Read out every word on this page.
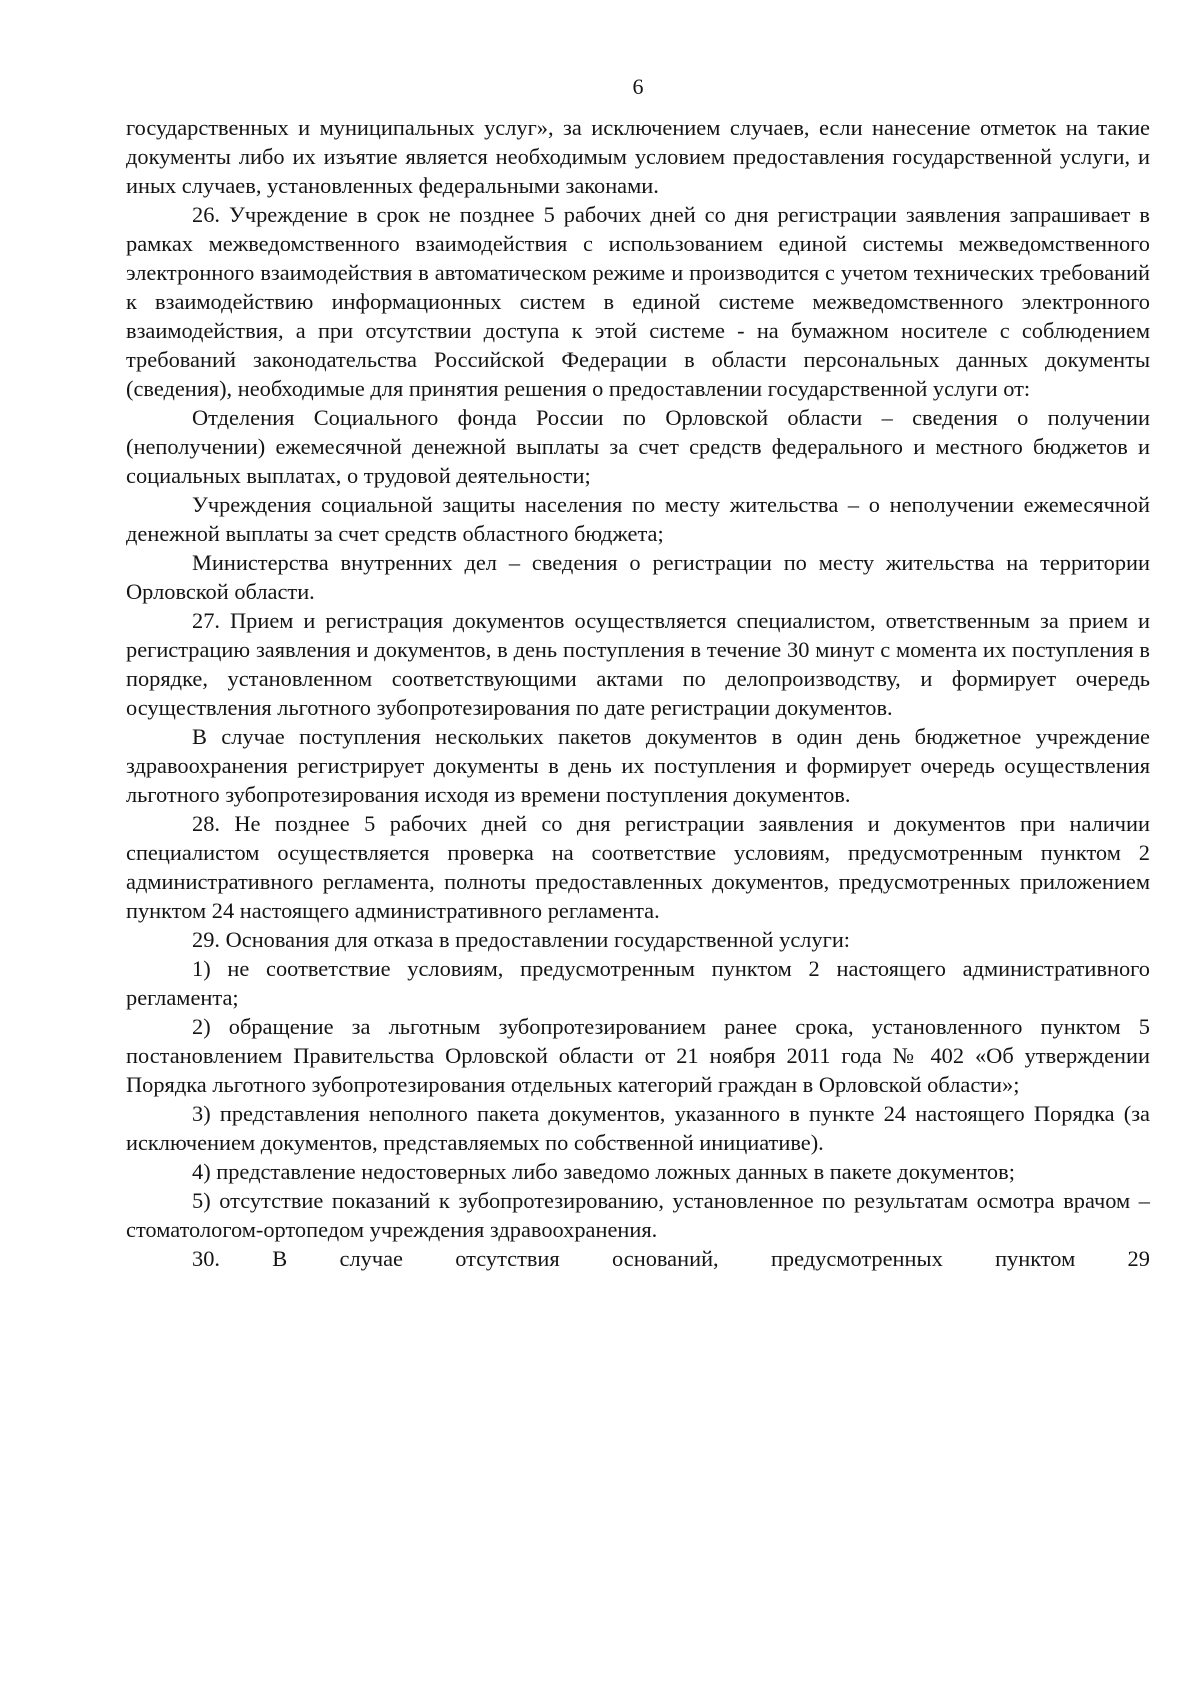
6

государственных и муниципальных услуг», за исключением случаев, если нанесение отметок на такие документы либо их изъятие является необходимым условием предоставления государственной услуги, и иных случаев, установленных федеральными законами.

26. Учреждение в срок не позднее 5 рабочих дней со дня регистрации заявления запрашивает в рамках межведомственного взаимодействия с использованием единой системы межведомственного электронного взаимодействия в автоматическом режиме и производится с учетом технических требований к взаимодействию информационных систем в единой системе межведомственного электронного взаимодействия, а при отсутствии доступа к этой системе - на бумажном носителе с соблюдением требований законодательства Российской Федерации в области персональных данных документы (сведения), необходимые для принятия решения о предоставлении государственной услуги от:

Отделения Социального фонда России по Орловской области – сведения о получении (неполучении) ежемесячной денежной выплаты за счет средств федерального и местного бюджетов и социальных выплатах, о трудовой деятельности;

Учреждения социальной защиты населения по месту жительства – о неполучении ежемесячной денежной выплаты за счет средств областного бюджета;

Министерства внутренних дел – сведения о регистрации по месту жительства на территории Орловской области.

27. Прием и регистрация документов осуществляется специалистом, ответственным за прием и регистрацию заявления и документов, в день поступления в течение 30 минут с момента их поступления в порядке, установленном соответствующими актами по делопроизводству, и формирует очередь осуществления льготного зубопротезирования по дате регистрации документов.

В случае поступления нескольких пакетов документов в один день бюджетное учреждение здравоохранения регистрирует документы в день их поступления и формирует очередь осуществления льготного зубопротезирования исходя из времени поступления документов.

28. Не позднее 5 рабочих дней со дня регистрации заявления и документов при наличии специалистом осуществляется проверка на соответствие условиям, предусмотренным пунктом 2 административного регламента, полноты предоставленных документов, предусмотренных приложением пунктом 24 настоящего административного регламента.

29. Основания для отказа в предоставлении государственной услуги:

1) не соответствие условиям, предусмотренным пунктом 2 настоящего административного регламента;

2) обращение за льготным зубопротезированием ранее срока, установленного пунктом 5 постановлением Правительства Орловской области от 21 ноября 2011 года № 402 «Об утверждении Порядка льготного зубопротезирования отдельных категорий граждан в Орловской области»;

3) представления неполного пакета документов, указанного в пункте 24 настоящего Порядка (за исключением документов, представляемых по собственной инициативе).

4) представление недостоверных либо заведомо ложных данных в пакете документов;

5) отсутствие показаний к зубопротезированию, установленное по результатам осмотра врачом – стоматологом-ортопедом учреждения здравоохранения.

30. В случае отсутствия оснований, предусмотренных пунктом 29
